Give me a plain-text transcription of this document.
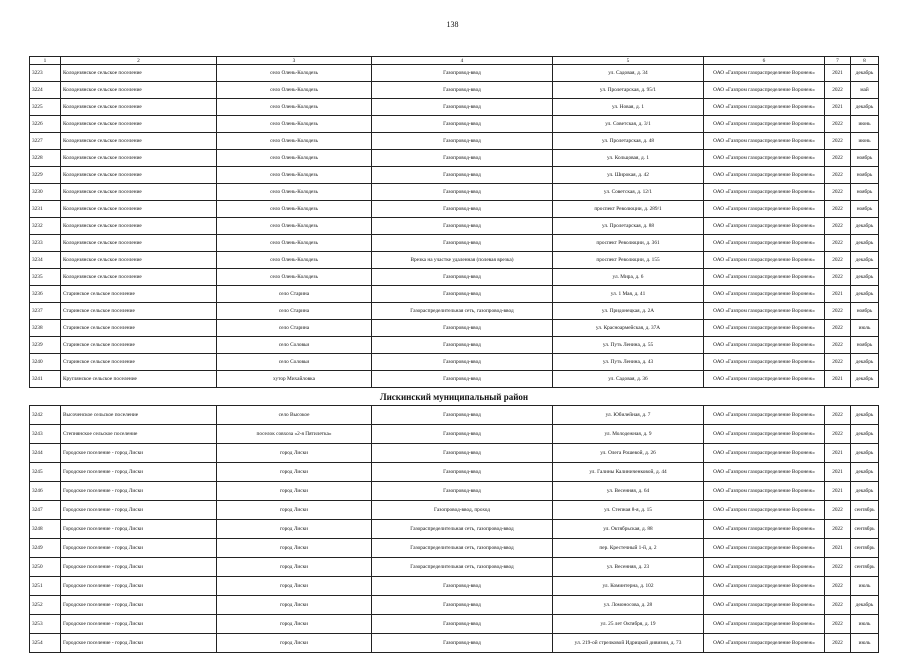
138
1	2	3	4	5	6	7	8
3223	Колодезянское сельское поселение	село Олень-Колодезь	Газопровод-ввод	ул. Садовая, д. 34	ОАО «Газпром газораспределение Воронеж»	2021	декабрь
3224	Колодезянское сельское поселение	село Олень-Колодезь	Газопровод-ввод	ул. Пролетарская, д. 95/1	ОАО «Газпром газораспределение Воронеж»	2022	май
3225	Колодезянское сельское поселение	село Олень-Колодезь	Газопровод-ввод	ул. Новая, д. 1	ОАО «Газпром газораспределение Воронеж»	2021	декабрь
3226	Колодезянское сельское поселение	село Олень-Колодезь	Газопровод-ввод	ул. Советская, д. 3/1	ОАО «Газпром газораспределение Воронеж»	2022	июнь
3227	Колодезянское сельское поселение	село Олень-Колодезь	Газопровод-ввод	ул. Пролетарская, д. 48	ОАО «Газпром газораспределение Воронеж»	2022	июнь
3228	Колодезянское сельское поселение	село Олень-Колодезь	Газопровод-ввод	ул. Кольцовая, д. 1	ОАО «Газпром газораспределение Воронеж»	2022	ноябрь
3229	Колодезянское сельское поселение	село Олень-Колодезь	Газопровод-ввод	ул. Широкая, д. 42	ОАО «Газпром газораспределение Воронеж»	2022	ноябрь
3230	Колодезянское сельское поселение	село Олень-Колодезь	Газопровод-ввод	ул. Советская, д. 12/1	ОАО «Газпром газораспределение Воронеж»	2022	ноябрь
3231	Колодезянское сельское поселение	село Олень-Колодезь	Газопровод-ввод	проспект Революции, д. 289/1	ОАО «Газпром газораспределение Воронеж»	2022	ноябрь
3232	Колодезянское сельское поселение	село Олень-Колодезь	Газопровод-ввод	ул. Пролетарская, д. 88	ОАО «Газпром газораспределение Воронеж»	2022	декабрь
3233	Колодезянское сельское поселение	село Олень-Колодезь	Газопровод-ввод	проспект Революции, д. 361	ОАО «Газпром газораспределение Воронеж»	2022	декабрь
3234	Колодезянское сельское поселение	село Олень-Колодезь	Врезка на участке удаленная (полевая врезка)	проспект Революции, д. 155	ОАО «Газпром газораспределение Воронеж»	2022	декабрь
3235	Колодезянское сельское поселение	село Олень-Колодезь	Газопровод-ввод	ул. Мира, д. 6	ОАО «Газпром газораспределение Воронеж»	2022	декабрь
3236	Старинское сельское поселение	село Старина	Газопровод-ввод	ул. 1 Мая, д. 41	ОАО «Газпром газораспределение Воронеж»	2021	декабрь
3237	Старинское сельское поселение	село Старина	Газораспределительная сеть, газопровод-ввод	ул. Придонецкая, д. 2А	ОАО «Газпром газораспределение Воронеж»	2022	ноябрь
3238	Старинское сельское поселение	село Старина	Газопровод-ввод	ул. Красноармейская, д. 37А	ОАО «Газпром газораспределение Воронеж»	2022	июль
3239	Старинское сельское поселение	село Соловьи	Газопровод-ввод	ул. Путь Ленина, д. 55	ОАО «Газпром газораспределение Воронеж»	2022	ноябрь
3240	Старинское сельское поселение	село Соловьи	Газопровод-ввод	ул. Путь Ленина, д. 43	ОАО «Газпром газораспределение Воронеж»	2022	декабрь
3241	Круглянское сельское поселение	хутор Михайловка	Газопровод-ввод	ул. Садовая, д. 36	ОАО «Газпром газораспределение Воронеж»	2021	декабрь
Лискинский муниципальный район							
3242	Высоченское сельское поселение	село Высокое	Газопровод-ввод	ул. Юбилейная, д. 7	ОАО «Газпром газораспределение Воронеж»	2022	декабрь
3243	Степнянское сельское поселение	поселок совхоза «2-я Пятилетка»	Газопровод-ввод	ул. Молодежная, д. 9	ОАО «Газпром газораспределение Воронеж»	2022	декабрь
3244	Городское поселение - город Лиски	город Лиски	Газопровод-ввод	ул. Олега Рошевой, д. 26	ОАО «Газпром газораспределение Воронеж»	2021	декабрь
3245	Городское поселение - город Лиски	город Лиски	Газопровод-ввод	ул. Галины Калиниченковой, д. 44	ОАО «Газпром газораспределение Воронеж»	2021	декабрь
3246	Городское поселение - город Лиски	город Лиски	Газопровод-ввод	ул. Весенняя, д. 64	ОАО «Газпром газораспределение Воронеж»	2021	декабрь
3247	Городское поселение - город Лиски	город Лиски	Газопровод-ввод, проход	ул. Степная 8-я, д. 15	ОАО «Газпром газораспределение Воронеж»	2022	сентябрь
3248	Городское поселение - город Лиски	город Лиски	Газораспределительная сеть, газопровод-ввод	ул. Октябрьская, д. 88	ОАО «Газпром газораспределение Воронеж»	2022	сентябрь
3249	Городское поселение - город Лиски	город Лиски	Газораспределительная сеть, газопровод-ввод	пер. Крестечный 1-й, д. 2	ОАО «Газпром газораспределение Воронеж»	2021	сентябрь
3250	Городское поселение - город Лиски	город Лиски	Газораспределительная сеть, газопровод-ввод	ул. Весенняя, д. 23	ОАО «Газпром газораспределение Воронеж»	2022	сентябрь
3251	Городское поселение - город Лиски	город Лиски	Газопровод-ввод	ул. Коминтерна, д. 102	ОАО «Газпром газораспределение Воронеж»	2022	июль
3252	Городское поселение - город Лиски	город Лиски	Газопровод-ввод	ул. Ломоносова, д. 28	ОАО «Газпром газораспределение Воронеж»	2022	декабрь
3253	Городское поселение - город Лиски	город Лиски	Газопровод-ввод	ул. 25 лет Октября, д. 19	ОАО «Газпром газораспределение Воронеж»	2022	июль
3254	Городское поселение - город Лиски	город Лиски	Газопровод-ввод	ул. 219-ой стрелковой Идрицкой дивизии, д. 73	ОАО «Газпром газораспределение Воронеж»	2022	июль
